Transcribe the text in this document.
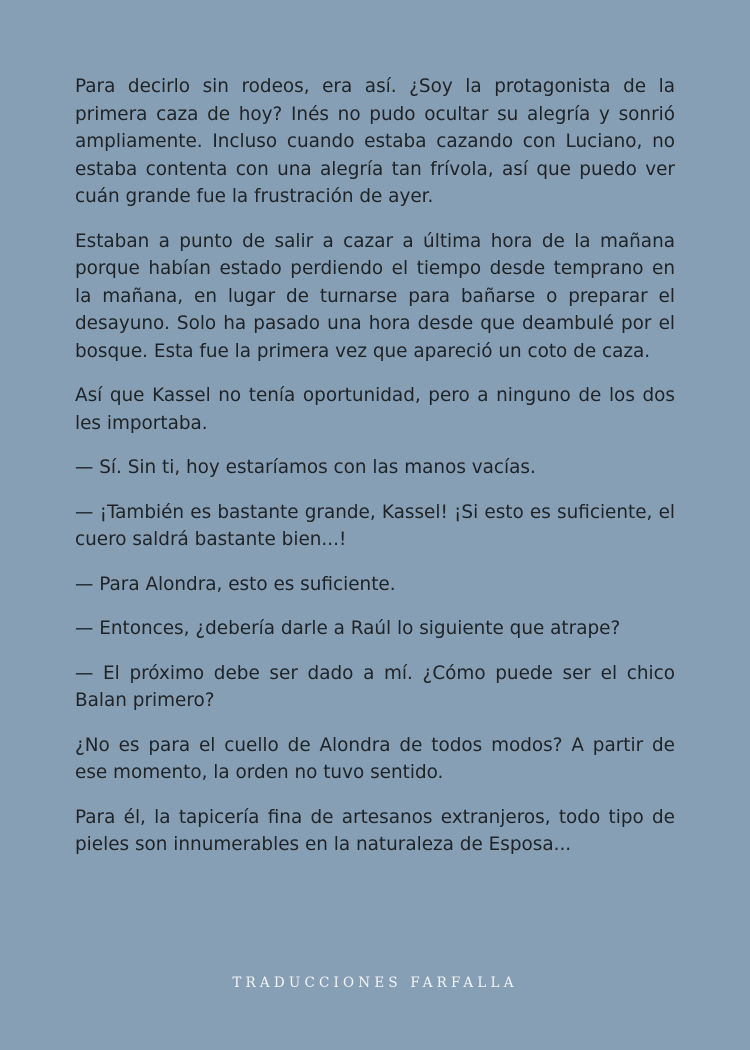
Para decirlo sin rodeos, era así. ¿Soy la protagonista de la primera caza de hoy? Inés no pudo ocultar su alegría y sonrió ampliamente. Incluso cuando estaba cazando con Luciano, no estaba contenta con una alegría tan frívola, así que puedo ver cuán grande fue la frustración de ayer.

Estaban a punto de salir a cazar a última hora de la mañana porque habían estado perdiendo el tiempo desde temprano en la mañana, en lugar de turnarse para bañarse o preparar el desayuno. Solo ha pasado una hora desde que deambulé por el bosque. Esta fue la primera vez que apareció un coto de caza.

Así que Kassel no tenía oportunidad, pero a ninguno de los dos les importaba.

— Sí. Sin ti, hoy estaríamos con las manos vacías.

— ¡También es bastante grande, Kassel! ¡Si esto es suficiente, el cuero saldrá bastante bien...!

— Para Alondra, esto es suficiente.

— Entonces, ¿debería darle a Raúl lo siguiente que atrape?

— El próximo debe ser dado a mí. ¿Cómo puede ser el chico Balan primero?

¿No es para el cuello de Alondra de todos modos? A partir de ese momento, la orden no tuvo sentido.

Para él, la tapicería fina de artesanos extranjeros, todo tipo de pieles son innumerables en la naturaleza de Esposa...

TRADUCCIONES FARFALLA
